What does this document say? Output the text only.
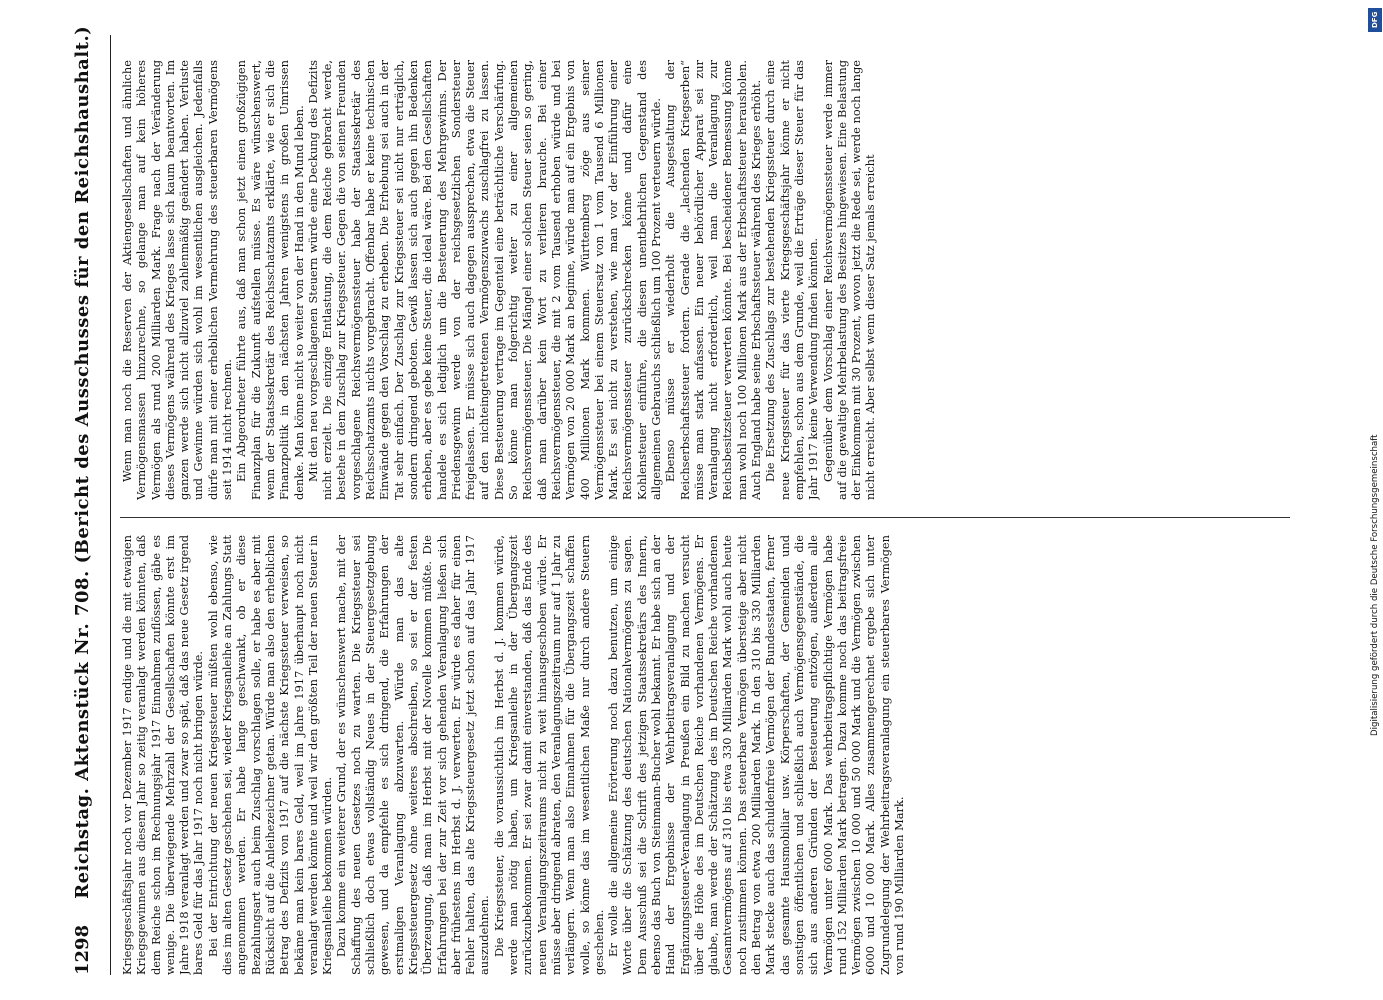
DFG
Digitalisierung gefördert durch die Deutsche Forschungsgemeinschaft
1298
Reichstag. Aktenstück Nr. 708. (Bericht des Ausschusses für den Reichshaushalt.) Kriegsgeschäftsjahr noch vor Dezember 1917 endige und die mit etwaigen Kriegsgewinnen aus diesem Jahr so zeitig veranlagt werden könnten, daß dem Reiche schon im Rechnungsjahr 1917 Einnahmen zuflössen, gäbe es wenige. Die überwiegende Mehrzahl der Gesellschaften könnte erst im Jahre 1918 veranlagt werden und zwar so spät, daß das neue Gesetz irgend bares Geld für das Jahr 1917 noch nicht bringen würde. Bei der Entrichtung der neuen Kriegssteuer müßten wohl ebenso, wie dies im alten Gesetz geschehen sei, wieder Kriegsanleihe an Zahlungs Statt angenommen werden. Er habe lange geschwankt, ob er diese Bezahlungsart auch beim Zuschlag vorschlagen solle, er habe es aber mit Rücksicht auf die Anleihezeichner getan. Würde man also den erheblichen Betrag des Defizits von 1917 auf die nächste Kriegssteuer verweisen, so bekäme man kein bares Geld, weil im Jahre 1917 überhaupt noch nicht veranlagt werden könnte und weil wir den größten Teil der neuen Steuer in Kriegsanleihe bekommen würden. Dazu komme ein weiterer Grund, der es wünschenswert mache, mit der Schaffung des neuen Gesetzes noch zu warten. Die Kriegssteuer sei schließlich doch etwas vollständig Neues in der Steuergesetzgebung gewesen, und da empfehle es sich dringend, die Erfahrungen der erstmaligen Veranlagung abzuwarten. Würde man das alte Kriegssteuergesetz ohne weiteres abschreiben, so sei er der festen Überzeugung, daß man im Herbst mit der Novelle kommen müßte. Die Erfahrungen bei der zur Zeit vor sich gehenden Veranlagung ließen sich aber frühestens im Herbst d. J. verwerten. Er würde es daher für einen Fehler halten, das alte Kriegssteuergesetz jetzt schon auf das Jahr 1917 auszudehnen. Die Kriegssteuer, die voraussichtlich im Herbst d. J. kommen würde, werde man nötig haben, um Kriegsanleihe in der Übergangszeit zurückzubekommen. Er sei zwar damit einverstanden, daß das Ende des neuen Veranlagungszeitraums nicht zu weit hinausgeschoben würde. Er müsse aber dringend abraten, den Veranlagungszeitraum nur auf 1 Jahr zu verlängern. Wenn man also Einnahmen für die Übergangszeit schaffen wolle, so könne das im wesentlichen Maße nur durch andere Steuern geschehen. Er wolle die allgemeine Erörterung noch dazu benutzen, um einige Worte über die Schätzung des deutschen Nationalvermögens zu sagen. Dem Ausschuß sei die Schrift des jetzigen Staatssekretärs des Innern, ebenso das Buch von Steinmann-Bucher wohl bekannt. Er habe sich an der Hand der Ergebnisse der Wehrbeitragsveranlagung und der Ergänzungssteuer-Veranlagung in Preußen ein Bild zu machen versucht über die Höhe des im Deutschen Reiche vorhandenen Vermögens. Er glaube, man werde der Schätzung des im Deutschen Reiche vorhandenen Gesamtvermögens auf 310 bis etwa 330 Milliarden Mark wohl auch heute noch zustimmen können. Das steuerbare Vermögen übersteige aber nicht den Betrag von etwa 200 Milliarden Mark. In den 310 bis 330 Milliarden Mark stecke auch das schuldenfreie Vermögen der Bundesstaaten, ferner das gesamte Hausmobiliar usw. Körperschaften, der Gemeinden und sonstigen öffentlichen und schließlich auch Vermögensgegenstände, die sich aus anderen Gründen der Besteuerung entzögen, außerdem alle Vermögen unter 6000 Mark. Das wehrbeitragspflichtige Vermögen habe rund 152 Milliarden Mark betragen. Dazu komme noch das beitragsfreie Vermögen zwischen 10 000 und 50 000 Mark und die Vermögen zwischen 6000 und 10 000 Mark. Alles zusammengerechnet ergebe sich unter Zugrundelegung der Wehrbeitragsveranlagung ein steuerbares Vermögen von rund 190 Milliarden Mark.

Wenn man noch die Reserven der Aktiengesellschaften und ähnliche Vermögensmassen hinzurechne, so gelange man auf kein höheres Vermögen als rund 200 Milliarden Mark. Frage nach der Veränderung dieses Vermögens während des Krieges lasse sich kaum beantworten. Im ganzen werde sich nicht allzuviel zahlenmäßig geändert haben. Verluste und Gewinne würden sich wohl im wesentlichen ausgleichen. Jedenfalls dürfe man mit einer erheblichen Vermehrung des steuerbaren Vermögens seit 1914 nicht rechnen. Ein Abgeordneter führte aus, daß man schon jetzt einen großzügigen Finanzplan für die Zukunft aufstellen müsse. Es wäre wünschenswert, wenn der Staatssekretär des Reichsschatzamts erklärte, wie er sich die Finanzpolitik in den nächsten Jahren wenigstens in großen Umrissen denke. Man könne nicht so weiter von der Hand in den Mund leben. Mit den neu vorgeschlagenen Steuern würde eine Deckung des Defizits nicht erzielt. Die einzige Entlastung, die dem Reiche gebracht werde, bestehe in dem Zuschlag zur Kriegssteuer. Gegen die von seinen Freunden vorgeschlagene Reichsvermögenssteuer habe der Staatssekretär des Reichsschatzamts nichts vorgebracht. Offenbar habe er keine technischen Einwände gegen den Vorschlag zu erheben. Die Erhebung sei auch in der Tat sehr einfach. Der Zuschlag zur Kriegssteuer sei nicht nur erträglich, sondern dringend geboten. Gewiß lassen sich auch gegen ihn Bedenken erheben, aber es gebe keine Steuer, die ideal wäre. Bei den Gesellschaften handele es sich lediglich um die Besteuerung des Mehrgewinns. Der Friedensgewinn werde von der reichsgesetzlichen Sondersteuer freigelassen. Er müsse sich auch dagegen aussprechen, etwa die Steuer auf den nichteingetretenen Vermögenszuwachs zuschlagfrei zu lassen. Diese Besteuerung vertrage im Gegenteil eine beträchtliche Verschärfung. So könne man folgerichtig weiter zu einer allgemeinen Reichsvermögenssteuer. Die Mängel einer solchen Steuer seien so gering, daß man darüber kein Wort zu verlieren brauche. Bei einer Reichsvermögenssteuer, die mit 2 vom Tausend erhoben würde und bei Vermögen von 20 000 Mark an beginne, würde man auf ein Ergebnis von 400 Millionen Mark kommen. Württemberg zöge aus seiner Vermögenssteuer bei einem Steuersatz von 1 vom Tausend 6 Millionen Mark. Es sei nicht zu verstehen, wie man vor der Einführung einer Reichsvermögenssteuer zurückschrecken könne und dafür eine Kohlensteuer einführe, die diesen unentbehrlichen Gegenstand des allgemeinen Gebrauchs schließlich um 100 Prozent verteuern würde. Ebenso müsse er wiederholt die Ausgestaltung der Reichserbschaftssteuer fordern. Gerade die „lachenden Kriegserben“ müsse man stark anfassen. Ein neuer behördlicher Apparat sei zur Veranlagung nicht erforderlich, weil man die Veranlagung zur Reichsbesitzsteuer verwerten könnte. Bei bescheidener Bemessung könne man wohl noch 100 Millionen Mark aus der Erbschaftssteuer herausholen. Auch England habe seine Erbschaftssteuer während des Krieges erhöht. Die Ersetzung des Zuschlags zur bestehenden Kriegssteuer durch eine neue Kriegssteuer für das vierte Kriegsgeschäftsjahr könne er nicht empfehlen, schon aus dem Grunde, weil die Erträge dieser Steuer für das Jahr 1917 keine Verwendung finden könnten. Gegenüber dem Vorschlag einer Reichsvermögenssteuer werde immer auf die gewaltige Mehrbelastung des Besitzes hingewiesen. Eine Belastung der Einkommen mit 30 Prozent, wovon jetzt die Rede sei, werde noch lange nicht erreicht. Aber selbst wenn dieser Satz jemals erreicht
